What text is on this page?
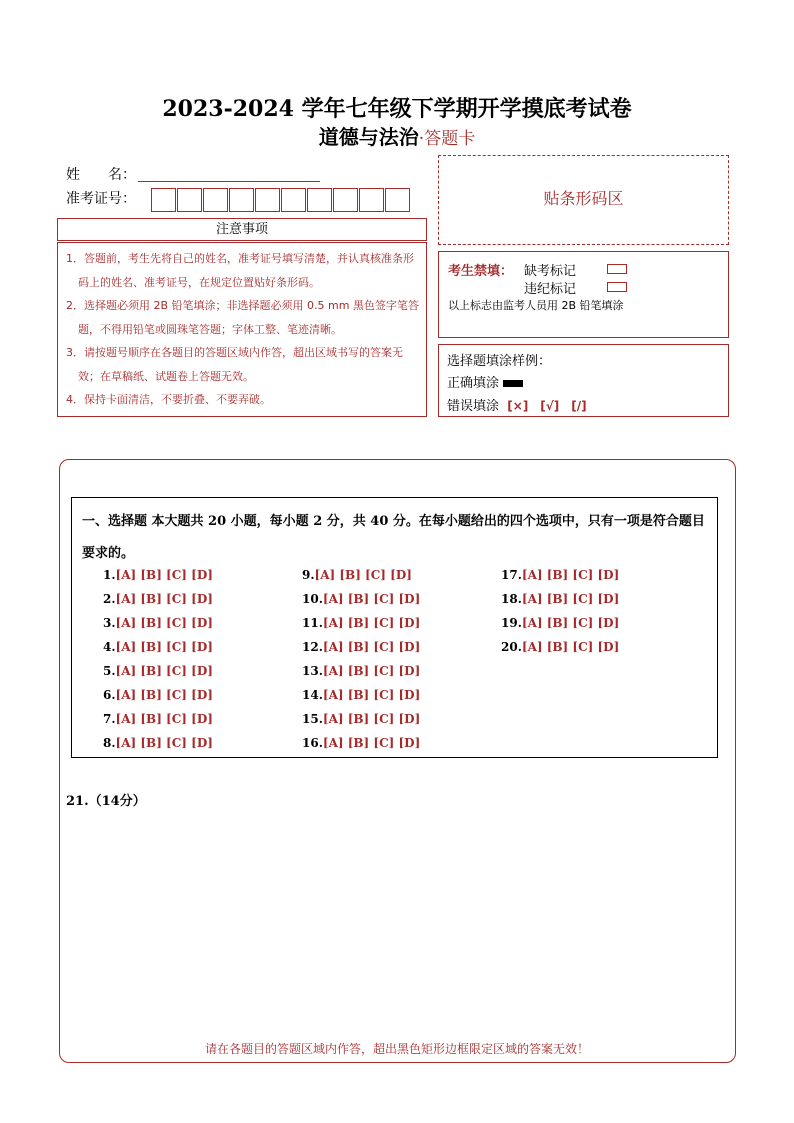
2023-2024 学年七年级下学期开学摸底考试卷
道德与法治·答题卡
姓　　名：
准考证号：
注意事项

1．答题前，考生先将自己的姓名，准考证号填写清楚，并认真核准条形码上的姓名、准考证号，在规定位置贴好条形码。

2．选择题必须用 2B 铅笔填涂；非选择题必须用 0.5 mm 黑色签字笔答题，不得用铅笔或圆珠笔答题；字体工整、笔迹清晰。

3．请按题号顺序在各题目的答题区域内作答，超出区域书写的答案无效；在草稿纸、试题卷上答题无效。

4．保持卡面清洁，不要折叠、不要弄破。

贴条形码区
考生禁填： 缺考标记
违纪标记
以上标志由监考人员用 2B 铅笔填涂
选择题填涂样例：
正确填涂
错误填涂 [×]　[√]　[/]
一、选择题 本大题共 20 小题，每小题 2 分，共 40 分。在每小题给出的四个选项中，只有一项是符合题目要求的。
1.[A] [B] [C] [D]
2.[A] [B] [C] [D]
3.[A] [B] [C] [D]
4.[A] [B] [C] [D]
5.[A] [B] [C] [D]
6.[A] [B] [C] [D]
7.[A] [B] [C] [D]
8.[A] [B] [C] [D]
9.[A] [B] [C] [D]
10.[A] [B] [C] [D]
11.[A] [B] [C] [D]
12.[A] [B] [C] [D]
13.[A] [B] [C] [D]
14.[A] [B] [C] [D]
15.[A] [B] [C] [D]
16.[A] [B] [C] [D]
17.[A] [B] [C] [D]
18.[A] [B] [C] [D]
19.[A] [B] [C] [D]
20.[A] [B] [C] [D]
21.（14分）
请在各题目的答题区域内作答，超出黑色矩形边框限定区域的答案无效！
